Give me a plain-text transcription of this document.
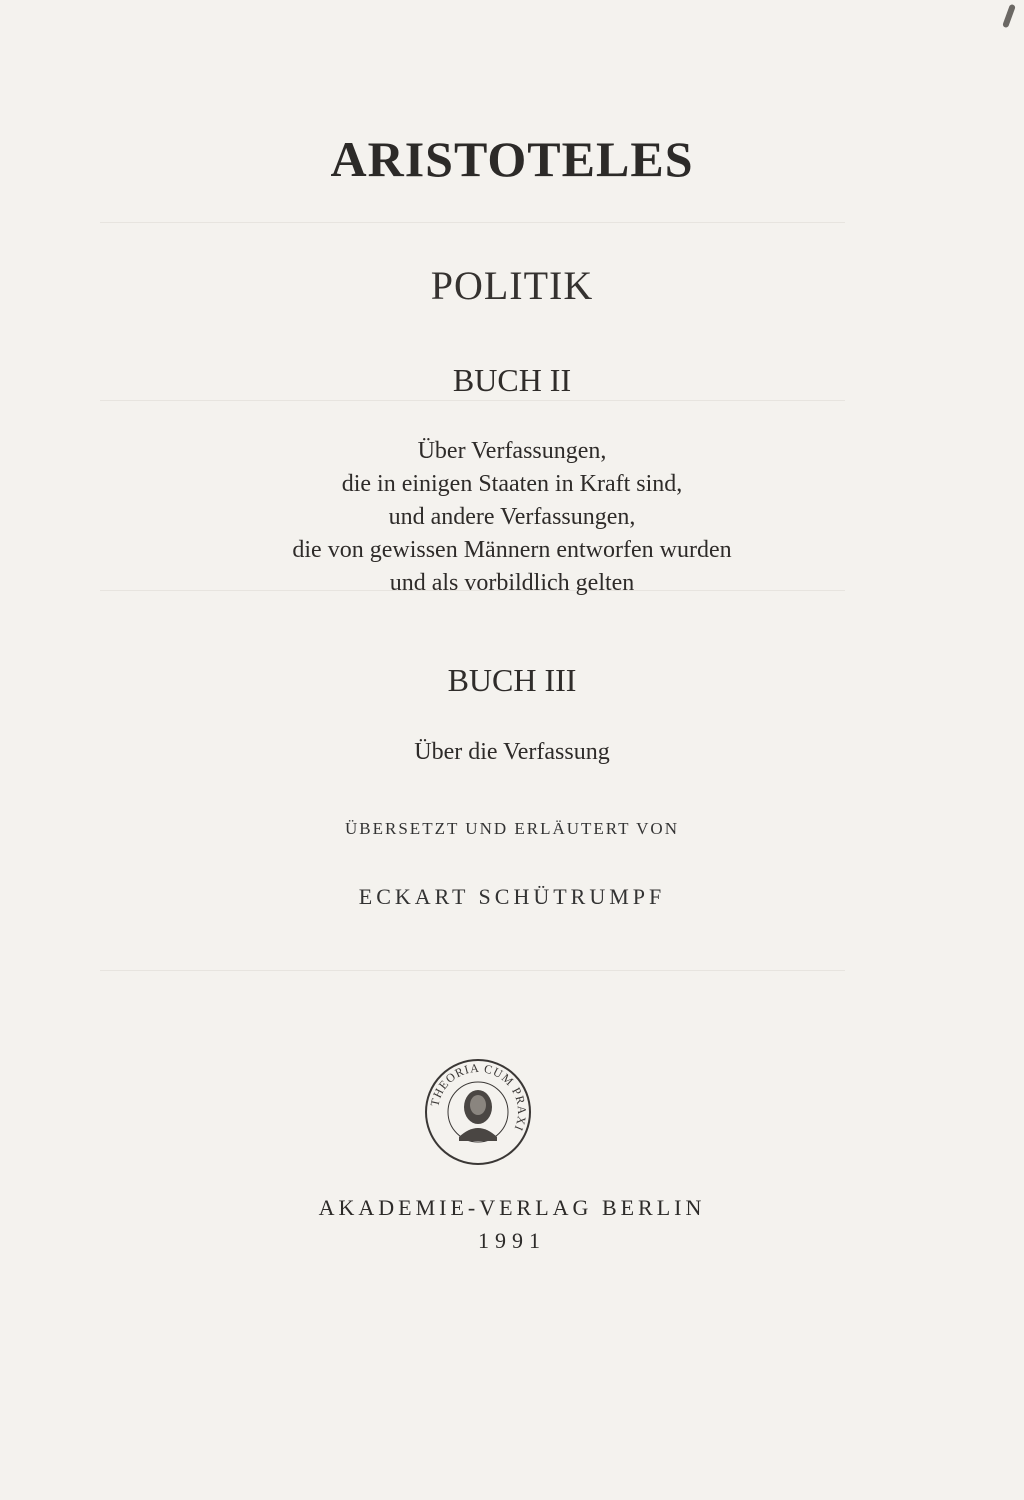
ARISTOTELES
POLITIK
BUCH II
Über Verfassungen,
die in einigen Staaten in Kraft sind,
und andere Verfassungen,
die von gewissen Männern entworfen wurden
und als vorbildlich gelten
BUCH III
Über die Verfassung
ÜBERSETZT UND ERLÄUTERT VON
ECKART SCHÜTRUMPF
THEORIA CUM PRAXI
AKADEMIE-VERLAG BERLIN
1991
